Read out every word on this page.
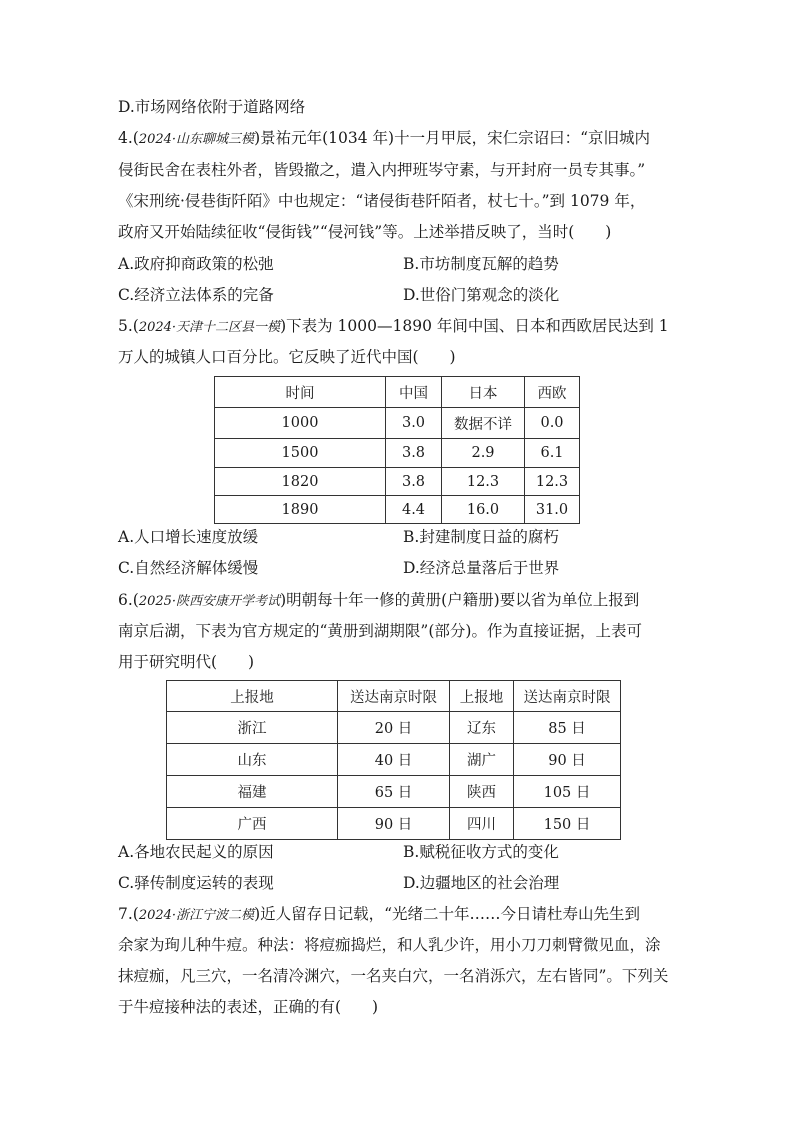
D.市场网络依附于道路网络
4.(2024·山东聊城三模)景祐元年(1034 年)十一月甲辰，宋仁宗诏曰：“京旧城内
侵街民舍在表柱外者，皆毁撤之，遣入内押班岑守素，与开封府一员专其事。”
《宋刑统·侵巷街阡陌》中也规定：“诸侵街巷阡陌者，杖七十。”到 1079 年，
政府又开始陆续征收“侵街钱”“侵河钱”等。上述举措反映了，当时(　　)
A.政府抑商政策的松弛	B.市坊制度瓦解的趋势
C.经济立法体系的完备	D.世俗门第观念的淡化
5.(2024·天津十二区县一模)下表为 1000—1890 年间中国、日本和西欧居民达到 1
万人的城镇人口百分比。它反映了近代中国(　　)
时间	中国	日本	西欧
1000	3.0	数据不详	0.0
1500	3.8	2.9	6.1
1820	3.8	12.3	12.3
1890	4.4	16.0	31.0
A.人口增长速度放缓	B.封建制度日益的腐朽
C.自然经济解体缓慢	D.经济总量落后于世界
6.(2025·陕西安康开学考试)明朝每十年一修的黄册(户籍册)要以省为单位上报到
南京后湖，下表为官方规定的“黄册到湖期限”(部分)。作为直接证据，上表可
用于研究明代(　　)
上报地	送达南京时限	上报地	送达南京时限
浙江	20 日	辽东	85 日
山东	40 日	湖广	90 日
福建	65 日	陕西	105 日
广西	90 日	四川	150 日
A.各地农民起义的原因	B.赋税征收方式的变化
C.驿传制度运转的表现	D.边疆地区的社会治理
7.(2024·浙江宁波二模)近人留存日记载，“光绪二十年……今日请杜寿山先生到
余家为珣儿种牛痘。种法：将痘痂捣烂，和人乳少许，用小刀刀刺臂微见血，涂
抹痘痂，凡三穴，一名清冷渊穴，一名夹白穴，一名消泺穴，左右皆同”。下列关
于牛痘接种法的表述，正确的有(　　)
